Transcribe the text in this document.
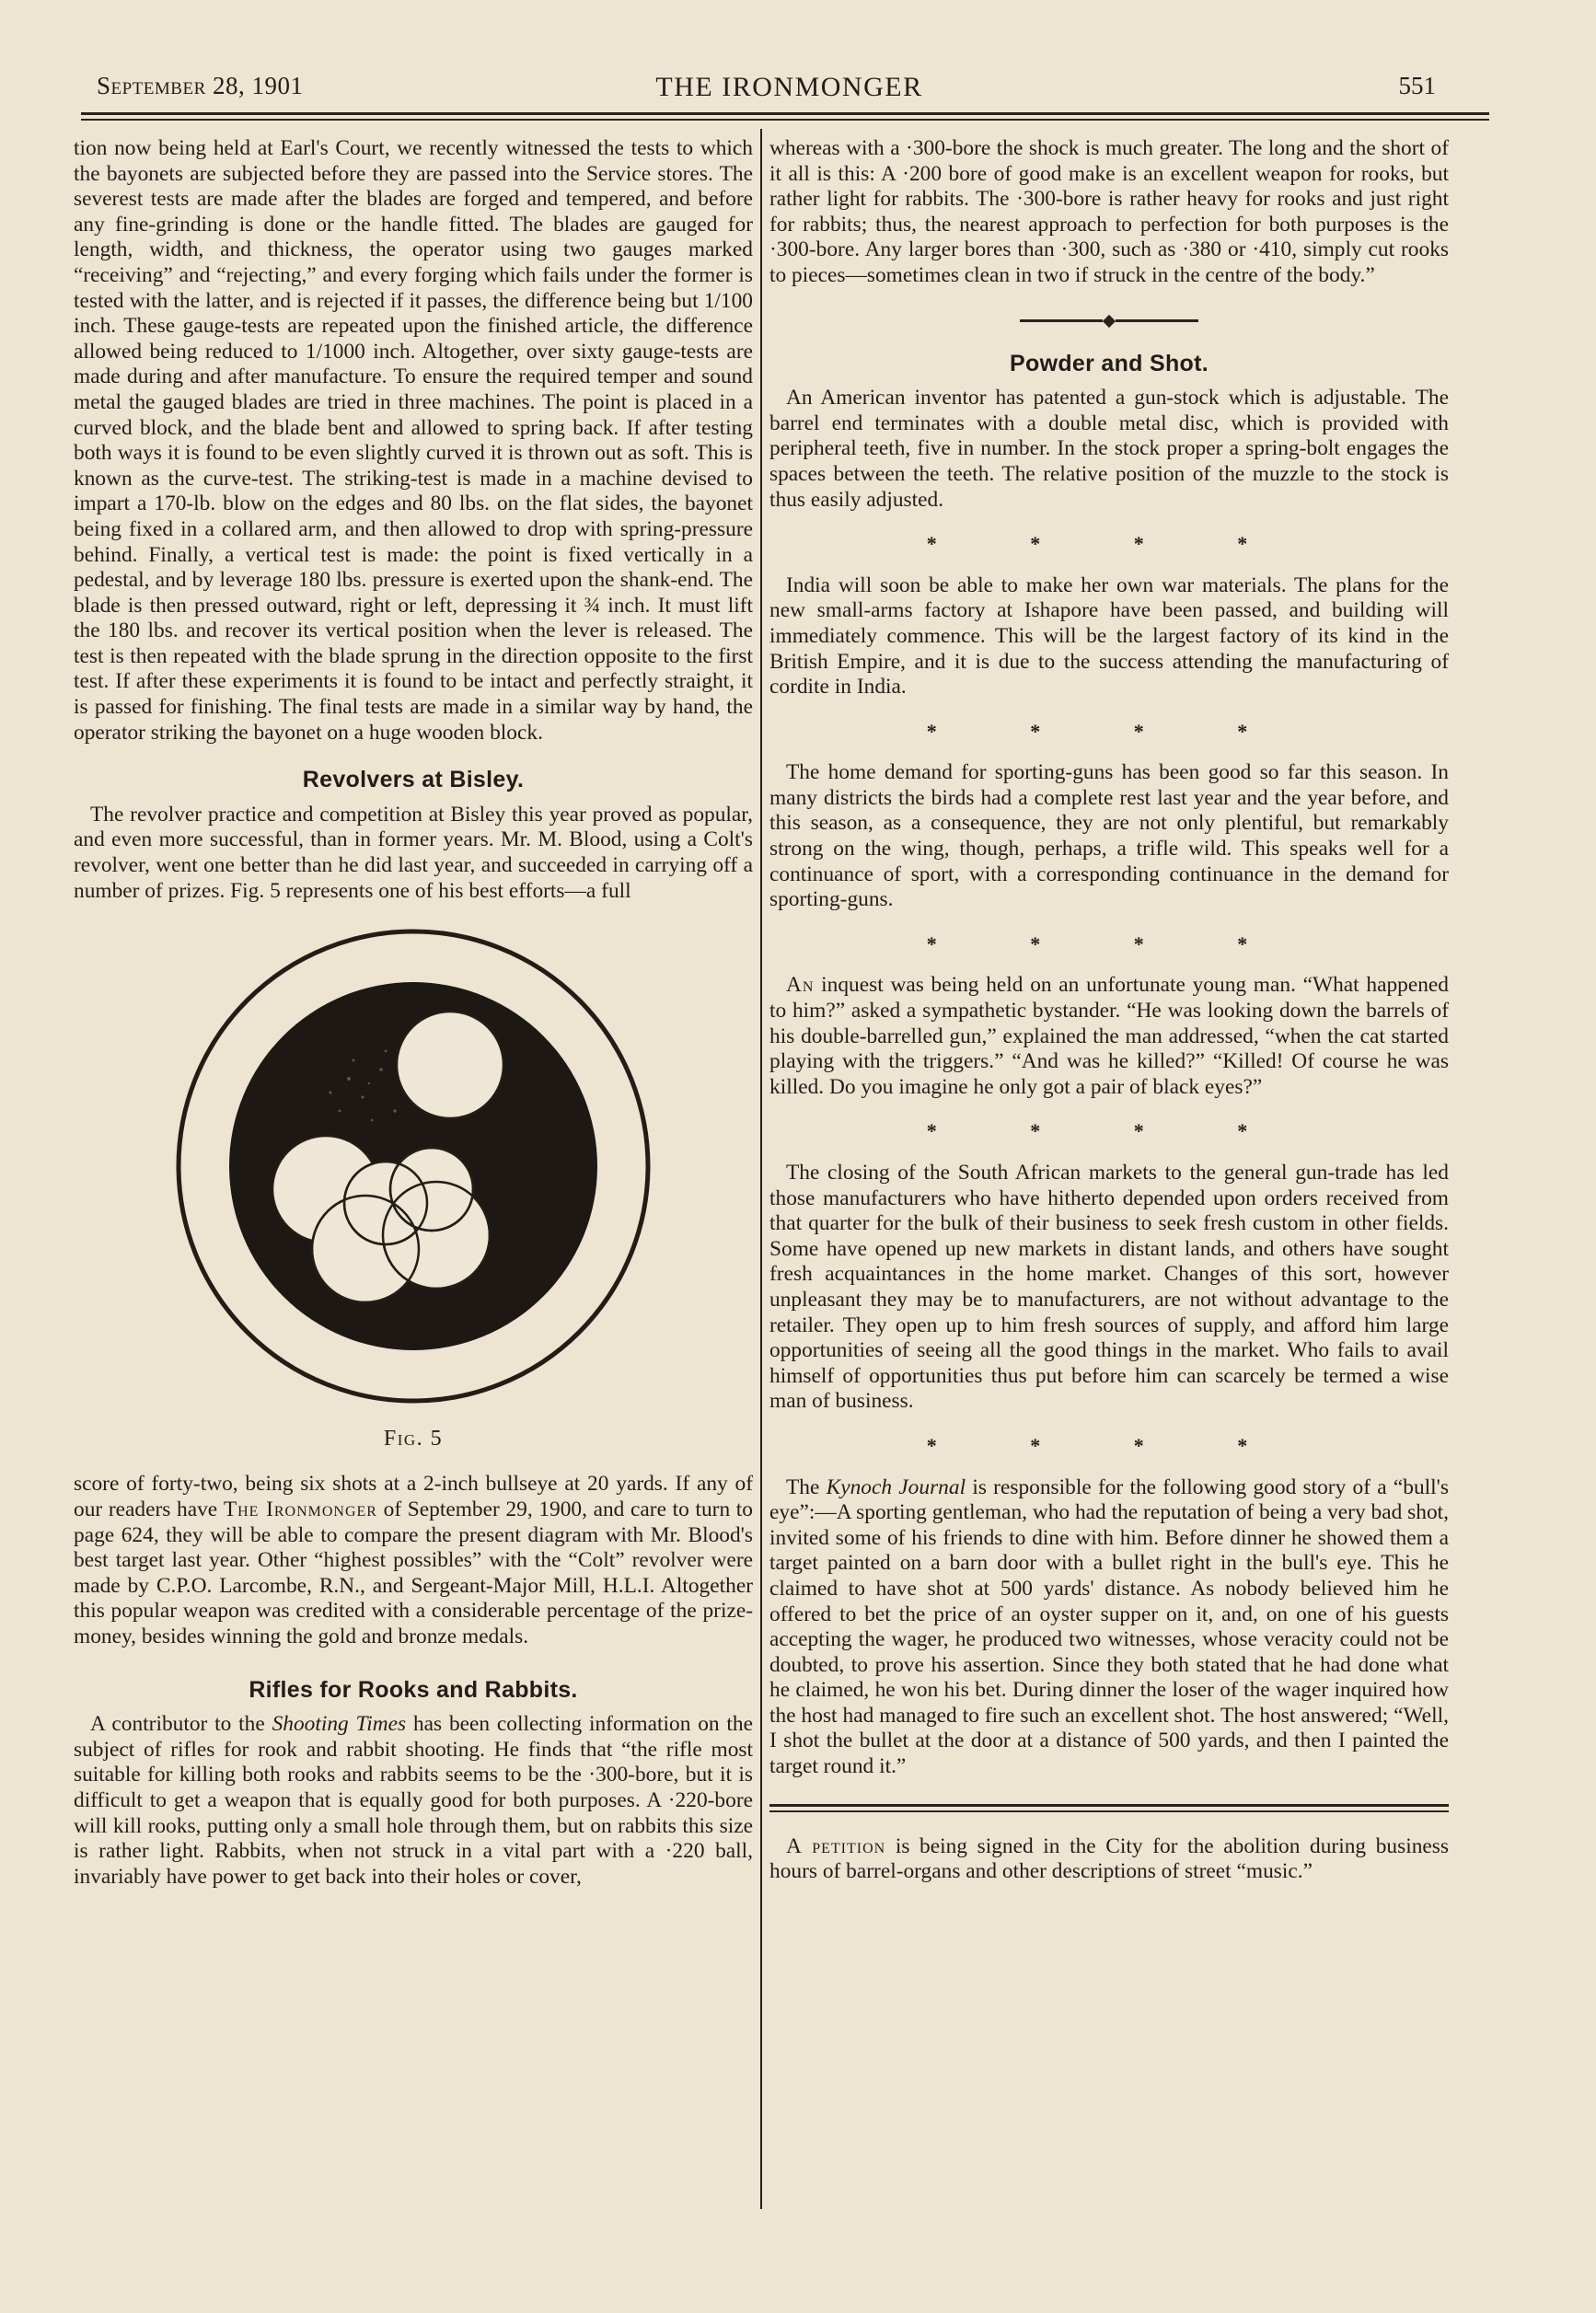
September 28, 1901	THE IRONMONGER	551

tion now being held at Earl's Court, we recently witnessed the tests to which the bayonets are subjected before they are passed into the Service stores. The severest tests are made after the blades are forged and tempered, and before any fine-grinding is done or the handle fitted. The blades are gauged for length, width, and thickness, the operator using two gauges marked “receiving” and “rejecting,” and every forging which fails under the former is tested with the latter, and is rejected if it passes, the difference being but 1/100 inch. These gauge-tests are repeated upon the finished article, the difference allowed being reduced to 1/1000 inch. Altogether, over sixty gauge-tests are made during and after manufacture. To ensure the required temper and sound metal the gauged blades are tried in three machines. The point is placed in a curved block, and the blade bent and allowed to spring back. If after testing both ways it is found to be even slightly curved it is thrown out as soft. This is known as the curve-test. The striking-test is made in a machine devised to impart a 170-lb. blow on the edges and 80 lbs. on the flat sides, the bayonet being fixed in a collared arm, and then allowed to drop with spring-pressure behind. Finally, a vertical test is made: the point is fixed vertically in a pedestal, and by leverage 180 lbs. pressure is exerted upon the shank-end. The blade is then pressed outward, right or left, depressing it ¾ inch. It must lift the 180 lbs. and recover its vertical position when the lever is released. The test is then repeated with the blade sprung in the direction opposite to the first test. If after these experiments it is found to be intact and perfectly straight, it is passed for finishing. The final tests are made in a similar way by hand, the operator striking the bayonet on a huge wooden block.

Revolvers at Bisley.

The revolver practice and competition at Bisley this year proved as popular, and even more successful, than in former years. Mr. M. Blood, using a Colt's revolver, went one better than he did last year, and succeeded in carrying off a number of prizes. Fig. 5 represents one of his best efforts—a full

Fig. 5

score of forty-two, being six shots at a 2-inch bullseye at 20 yards. If any of our readers have The Ironmonger of September 29, 1900, and care to turn to page 624, they will be able to compare the present diagram with Mr. Blood's best target last year. Other “highest possibles” with the “Colt” revolver were made by C.P.O. Larcombe, R.N., and Sergeant-Major Mill, H.L.I. Altogether this popular weapon was credited with a considerable percentage of the prize-money, besides winning the gold and bronze medals.

Rifles for Rooks and Rabbits.

A contributor to the Shooting Times has been collecting information on the subject of rifles for rook and rabbit shooting. He finds that “the rifle most suitable for killing both rooks and rabbits seems to be the ·300-bore, but it is difficult to get a weapon that is equally good for both purposes. A ·220-bore will kill rooks, putting only a small hole through them, but on rabbits this size is rather light. Rabbits, when not struck in a vital part with a ·220 ball, invariably have power to get back into their holes or cover,

whereas with a ·300-bore the shock is much greater. The long and the short of it all is this: A ·200 bore of good make is an excellent weapon for rooks, but rather light for rabbits. The ·300-bore is rather heavy for rooks and just right for rabbits; thus, the nearest approach to perfection for both purposes is the ·300-bore. Any larger bores than ·300, such as ·380 or ·410, simply cut rooks to pieces—sometimes clean in two if struck in the centre of the body.”

Powder and Shot.

An American inventor has patented a gun-stock which is adjustable. The barrel end terminates with a double metal disc, which is provided with peripheral teeth, five in number. In the stock proper a spring-bolt engages the spaces between the teeth. The relative position of the muzzle to the stock is thus easily adjusted.

* * * *

India will soon be able to make her own war materials. The plans for the new small-arms factory at Ishapore have been passed, and building will immediately commence. This will be the largest factory of its kind in the British Empire, and it is due to the success attending the manufacturing of cordite in India.

* * * *

The home demand for sporting-guns has been good so far this season. In many districts the birds had a complete rest last year and the year before, and this season, as a consequence, they are not only plentiful, but remarkably strong on the wing, though, perhaps, a trifle wild. This speaks well for a continuance of sport, with a corresponding continuance in the demand for sporting-guns.

* * * *

An inquest was being held on an unfortunate young man. “What happened to him?” asked a sympathetic bystander. “He was looking down the barrels of his double-barrelled gun,” explained the man addressed, “when the cat started playing with the triggers.” “And was he killed?” “Killed! Of course he was killed. Do you imagine he only got a pair of black eyes?”

* * * *

The closing of the South African markets to the general gun-trade has led those manufacturers who have hitherto depended upon orders received from that quarter for the bulk of their business to seek fresh custom in other fields. Some have opened up new markets in distant lands, and others have sought fresh acquaintances in the home market. Changes of this sort, however unpleasant they may be to manufacturers, are not without advantage to the retailer. They open up to him fresh sources of supply, and afford him large opportunities of seeing all the good things in the market. Who fails to avail himself of opportunities thus put before him can scarcely be termed a wise man of business.

* * * *

The Kynoch Journal is responsible for the following good story of a “bull's eye”:—A sporting gentleman, who had the reputation of being a very bad shot, invited some of his friends to dine with him. Before dinner he showed them a target painted on a barn door with a bullet right in the bull's eye. This he claimed to have shot at 500 yards' distance. As nobody believed him he offered to bet the price of an oyster supper on it, and, on one of his guests accepting the wager, he produced two witnesses, whose veracity could not be doubted, to prove his assertion. Since they both stated that he had done what he claimed, he won his bet. During dinner the loser of the wager inquired how the host had managed to fire such an excellent shot. The host answered; “Well, I shot the bullet at the door at a distance of 500 yards, and then I painted the target round it.”

A petition is being signed in the City for the abolition during business hours of barrel-organs and other descriptions of street “music.”
